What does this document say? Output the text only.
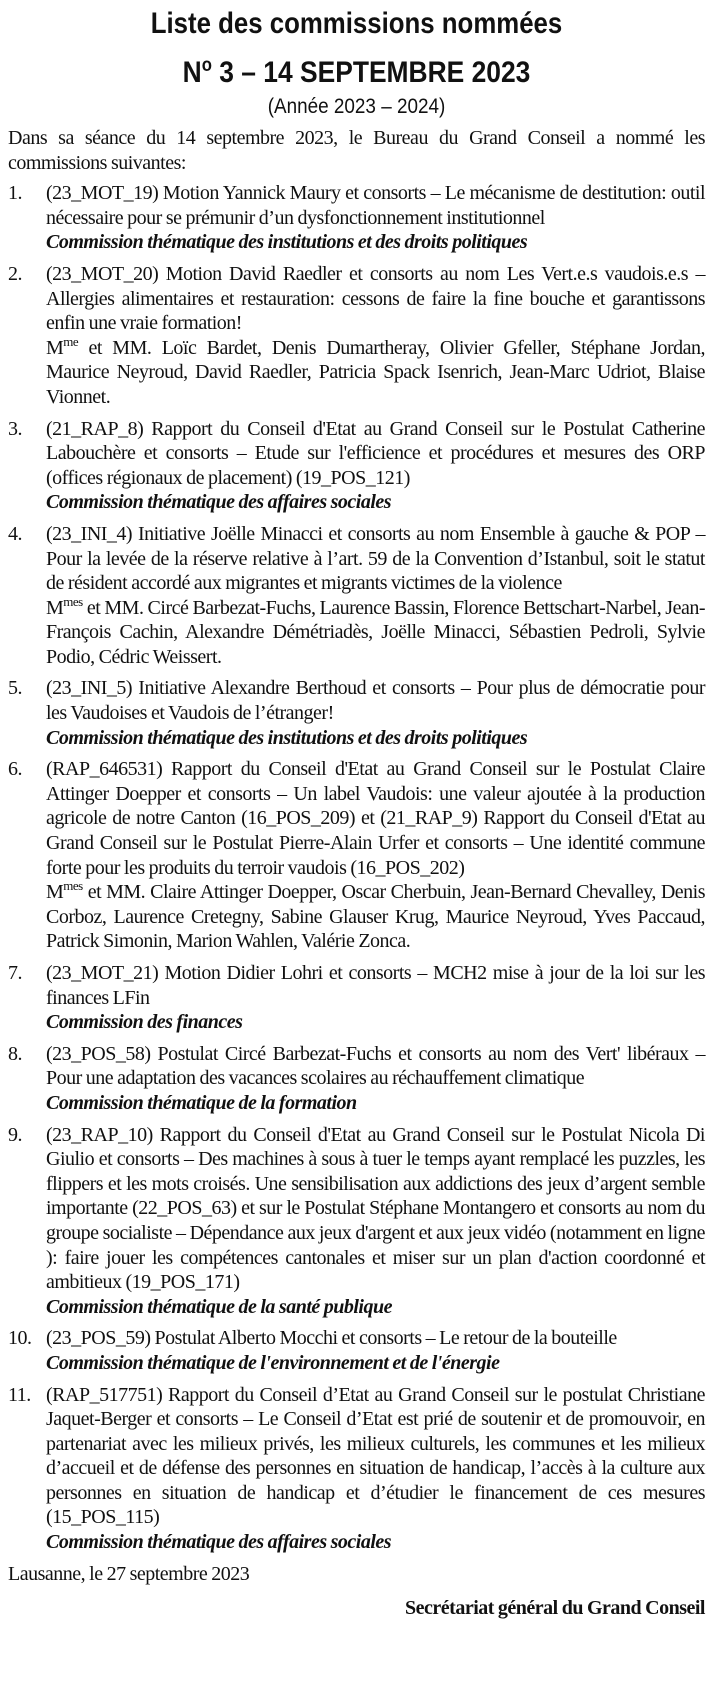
Liste des commissions nommées
$N^o$ 3 – 14 SEPTEMBRE 2023
(Année 2023 – 2024)
Dans sa séance du 14 septembre 2023, le Bureau du Grand Conseil a nommé les commissions suivantes:
1. (23_MOT_19) Motion Yannick Maury et consorts – Le mécanisme de destitution: outil nécessaire pour se prémunir d’un dysfonctionnement institutionnel
Commission thématique des institutions et des droits politiques
2. (23_MOT_20) Motion David Raedler et consorts au nom Les Vert.e.s vaudois.e.s – Allergies alimentaires et restauration: cessons de faire la fine bouche et garantissons enfin une vraie formation!
$M^{me}$ et MM. Loïc Bardet, Denis Dumartheray, Olivier Gfeller, Stéphane Jordan, Maurice Neyroud, David Raedler, Patricia Spack Isenrich, Jean-Marc Udriot, Blaise Vionnet.
3. (21_RAP_8) Rapport du Conseil d'Etat au Grand Conseil sur le Postulat Catherine Labouchère et consorts – Etude sur l'efficience et procédures et mesures des ORP (offices régionaux de placement) (19_POS_121)
Commission thématique des affaires sociales
4. (23_INI_4) Initiative Joëlle Minacci et consorts au nom Ensemble à gauche & POP – Pour la levée de la réserve relative à l’art. 59 de la Convention d’Istanbul, soit le statut de résident accordé aux migrantes et migrants victimes de la violence
$M^{mes}$ et MM. Circé Barbezat-Fuchs, Laurence Bassin, Florence Bettschart-Narbel, Jean-François Cachin, Alexandre Démétriadès, Joëlle Minacci, Sébastien Pedroli, Sylvie Podio, Cédric Weissert.
5. (23_INI_5) Initiative Alexandre Berthoud et consorts – Pour plus de démocratie pour les Vaudoises et Vaudois de l’étranger!
Commission thématique des institutions et des droits politiques
6. (RAP_646531) Rapport du Conseil d'Etat au Grand Conseil sur le Postulat Claire Attinger Doepper et consorts – Un label Vaudois: une valeur ajoutée à la production agricole de notre Canton (16_POS_209) et (21_RAP_9) Rapport du Conseil d'Etat au Grand Conseil sur le Postulat Pierre-Alain Urfer et consorts – Une identité commune forte pour les produits du terroir vaudois (16_POS_202)
$M^{mes}$ et MM. Claire Attinger Doepper, Oscar Cherbuin, Jean-Bernard Chevalley, Denis Corboz, Laurence Cretegny, Sabine Glauser Krug, Maurice Neyroud, Yves Paccaud, Patrick Simonin, Marion Wahlen, Valérie Zonca.
7. (23_MOT_21) Motion Didier Lohri et consorts – MCH2 mise à jour de la loi sur les finances LFin
Commission des finances
8. (23_POS_58) Postulat Circé Barbezat-Fuchs et consorts au nom des Vert' libéraux – Pour une adaptation des vacances scolaires au réchauffement climatique
Commission thématique de la formation
9. (23_RAP_10) Rapport du Conseil d'Etat au Grand Conseil sur le Postulat Nicola Di Giulio et consorts – Des machines à sous à tuer le temps ayant remplacé les puzzles, les flippers et les mots croisés. Une sensibilisation aux addictions des jeux d’argent semble importante (22_POS_63) et sur le Postulat Stéphane Montangero et consorts au nom du groupe socialiste – Dépendance aux jeux d'argent et aux jeux vidéo (notamment en ligne ): faire jouer les compétences cantonales et miser sur un plan d'action coordonné et ambitieux (19_POS_171)
Commission thématique de la santé publique
10. (23_POS_59) Postulat Alberto Mocchi et consorts – Le retour de la bouteille
Commission thématique de l'environnement et de l'énergie
11. (RAP_517751) Rapport du Conseil d’Etat au Grand Conseil sur le postulat Christiane Jaquet-Berger et consorts – Le Conseil d’Etat est prié de soutenir et de promouvoir, en partenariat avec les milieux privés, les milieux culturels, les communes et les milieux d’accueil et de défense des personnes en situation de handicap, l’accès à la culture aux personnes en situation de handicap et d’étudier le financement de ces mesures (15_POS_115)
Commission thématique des affaires sociales
Lausanne, le 27 septembre 2023
Secrétariat général du Grand Conseil
